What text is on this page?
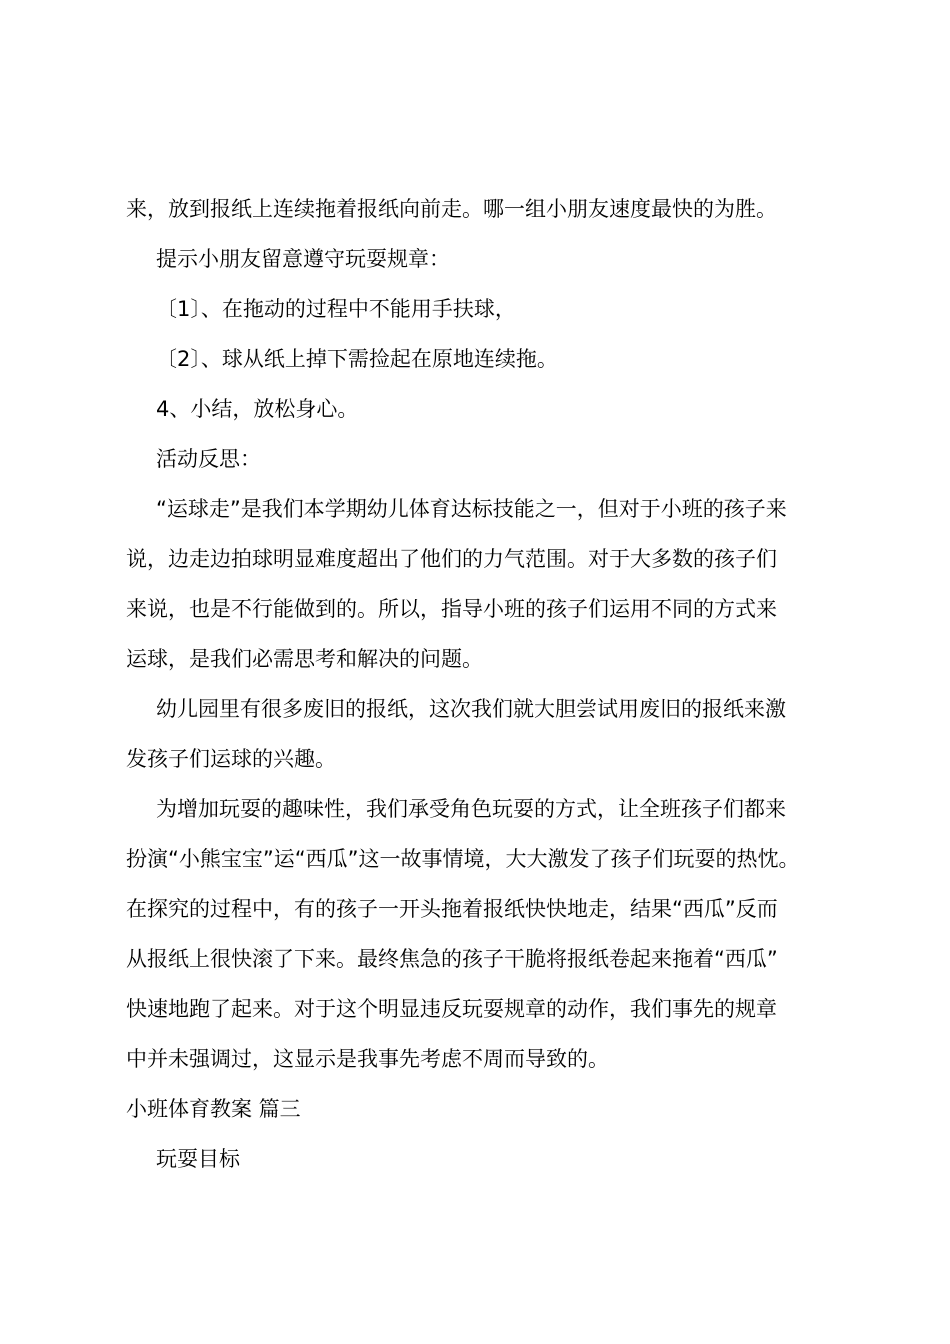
来，放到报纸上连续拖着报纸向前走。哪一组小朋友速度最快的为胜。
提示小朋友留意遵守玩耍规章：
〔1〕、在拖动的过程中不能用手扶球，
〔2〕、球从纸上掉下需捡起在原地连续拖。
4、小结，放松身心。
活动反思：
“运球走”是我们本学期幼儿体育达标技能之一，但对于小班的孩子来
说，边走边拍球明显难度超出了他们的力气范围。对于大多数的孩子们
来说，也是不行能做到的。所以，指导小班的孩子们运用不同的方式来
运球，是我们必需思考和解决的问题。
幼儿园里有很多废旧的报纸，这次我们就大胆尝试用废旧的报纸来激
发孩子们运球的兴趣。
为增加玩耍的趣味性，我们承受角色玩耍的方式，让全班孩子们都来
扮演“小熊宝宝”运“西瓜”这一故事情境，大大激发了孩子们玩耍的热忱。
在探究的过程中，有的孩子一开头拖着报纸快快地走，结果“西瓜”反而
从报纸上很快滚了下来。最终焦急的孩子干脆将报纸卷起来拖着“西瓜”
快速地跑了起来。对于这个明显违反玩耍规章的动作，我们事先的规章
中并未强调过，这显示是我事先考虑不周而导致的。
小班体育教案 篇三
玩耍目标
